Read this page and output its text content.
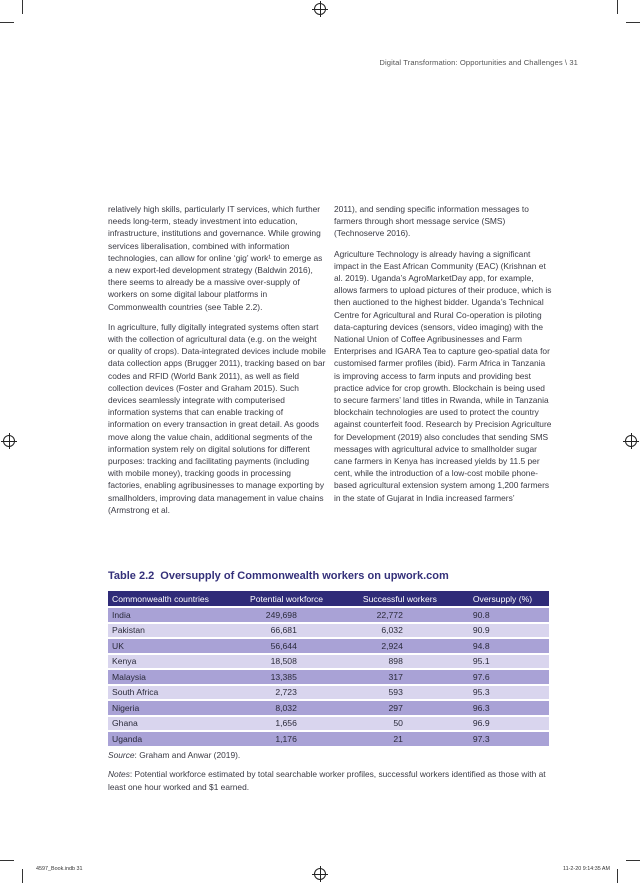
Digital Transformation: Opportunities and Challenges \ 31

relatively high skills, particularly IT services, which further needs long-term, steady investment into education, infrastructure, institutions and governance. While growing services liberalisation, combined with information technologies, can allow for online ‘gig’ work¹ to emerge as a new export-led development strategy (Baldwin 2016), there seems to already be a massive over-supply of workers on some digital labour platforms in Commonwealth countries (see Table 2.2).

In agriculture, fully digitally integrated systems often start with the collection of agricultural data (e.g. on the weight or quality of crops). Data-integrated devices include mobile data collection apps (Brugger 2011), tracking based on bar codes and RFID (World Bank 2011), as well as field collection devices (Foster and Graham 2015). Such devices seamlessly integrate with computerised information systems that can enable tracking of information on every transaction in great detail. As goods move along the value chain, additional segments of the information system rely on digital solutions for different purposes: tracking and facilitating payments (including with mobile money), tracking goods in processing factories, enabling agribusinesses to manage exporting by smallholders, improving data management in value chains (Armstrong et al.

2011), and sending specific information messages to farmers through short message service (SMS) (Technoserve 2016).

Agriculture Technology is already having a significant impact in the East African Community (EAC) (Krishnan et al. 2019). Uganda’s AgroMarketDay app, for example, allows farmers to upload pictures of their produce, which is then auctioned to the highest bidder. Uganda’s Technical Centre for Agricultural and Rural Co-operation is piloting data-capturing devices (sensors, video imaging) with the National Union of Coffee Agribusinesses and Farm Enterprises and IGARA Tea to capture geo-spatial data for customised farmer profiles (ibid). Farm Africa in Tanzania is improving access to farm inputs and providing best practice advice for crop growth. Blockchain is being used to secure farmers’ land titles in Rwanda, while in Tanzania blockchain technologies are used to protect the country against counterfeit food. Research by Precision Agriculture for Development (2019) also concludes that sending SMS messages with agricultural advice to smallholder sugar cane farmers in Kenya has increased yields by 11.5 per cent, while the introduction of a low-cost mobile phone-based agricultural extension system among 1,200 farmers in the state of Gujarat in India increased farmers’

Table 2.2 Oversupply of Commonwealth workers on upwork.com
Commonwealth countries	Potential workforce	Successful workers	Oversupply (%)
India	249,698	22,772	90.8
Pakistan	66,681	6,032	90.9
UK	56,644	2,924	94.8
Kenya	18,508	898	95.1
Malaysia	13,385	317	97.6
South Africa	2,723	593	95.3
Nigeria	8,032	297	96.3
Ghana	1,656	50	96.9
Uganda	1,176	21	97.3
Source: Graham and Anwar (2019).
Notes: Potential workforce estimated by total searchable worker profiles, successful workers identified as those with at least one hour worked and $1 earned.
4597_Book.indb 31	11-2-20 9:14:35 AM
